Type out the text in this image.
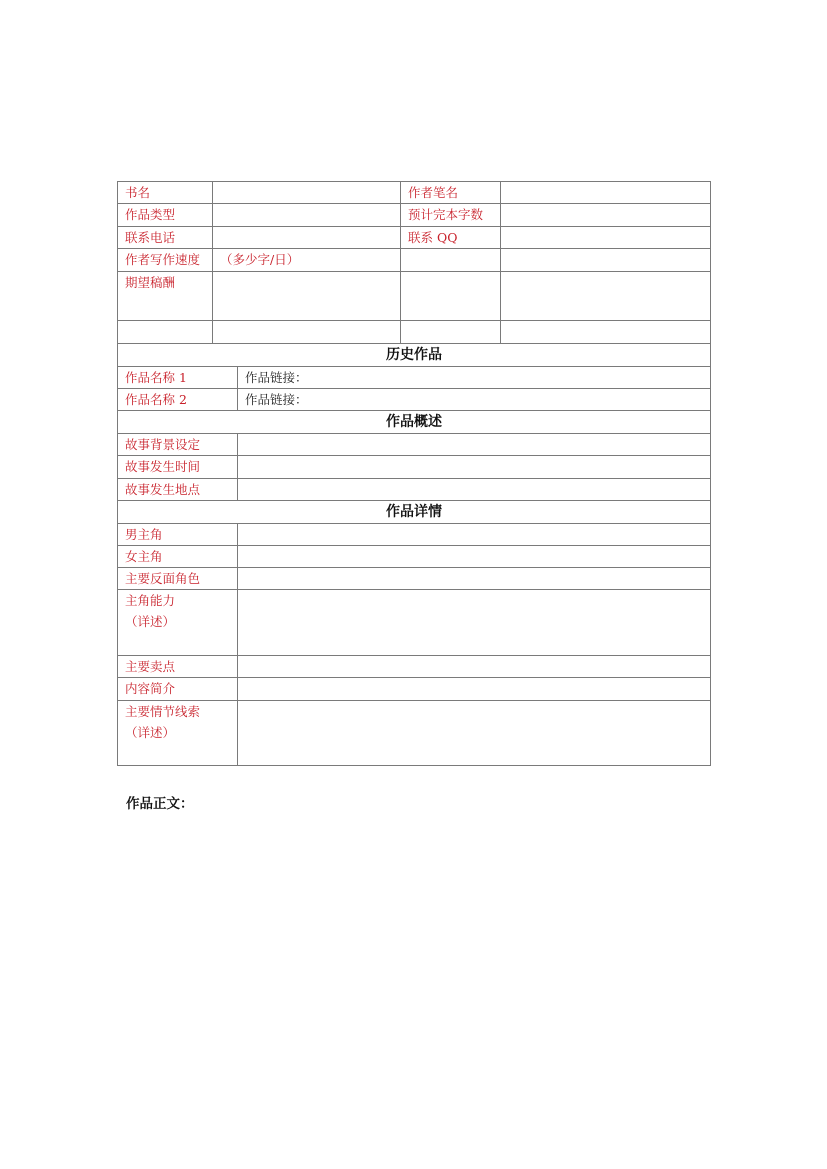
书名		作者笔名	
作品类型		预计完本字数	
联系电话		联系 QQ	
作者写作速度	（多少字/日）		
期望稿酬			

历史作品	
作品名称 1	作品链接：
作品名称 2	作品链接：
作品概述	
故事背景设定	
故事发生时间	
故事发生地点	
作品详情	
男主角	
女主角	
主要反面角色	

主角能力
（详述）	

主要卖点	
内容简介	

主要情节线索
（详述）	

作品正文：
